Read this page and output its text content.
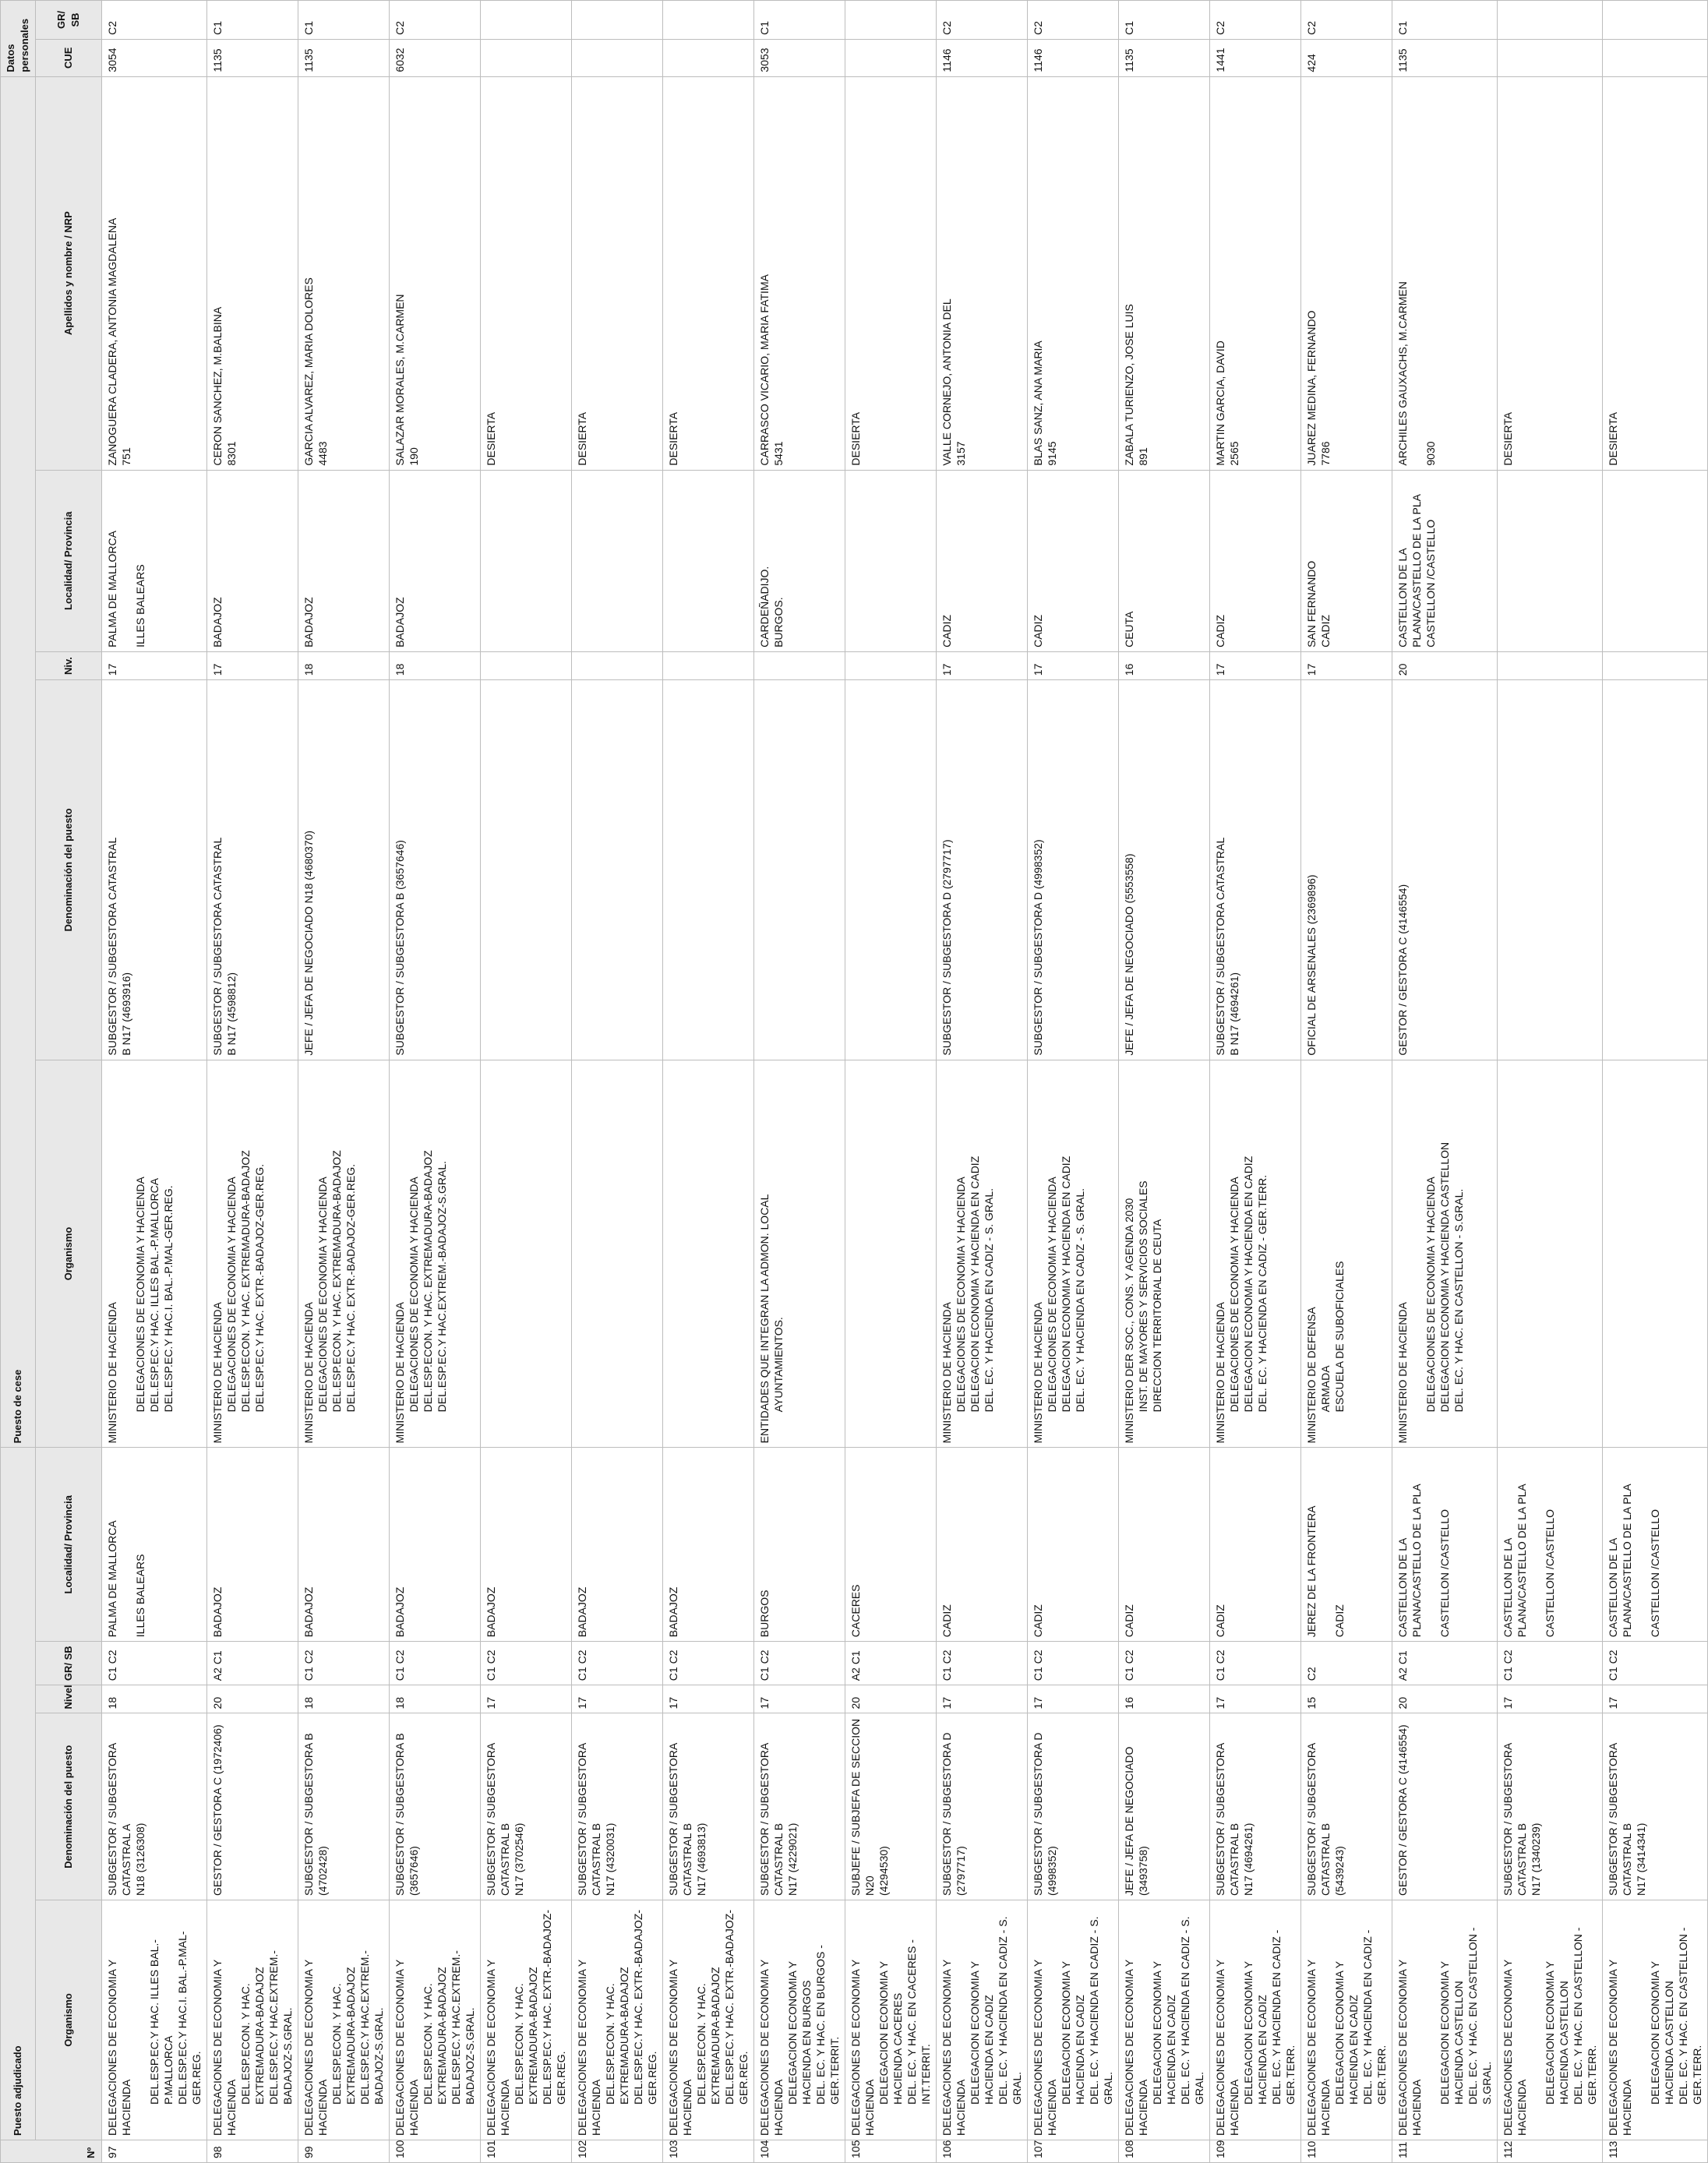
Nº	Puesto adjudicado					Puesto de cese					Datos personales	
	Organismo	Denominación del puesto	Nivel	GR/ SB	Localidad/ Provincia	Organismo	Denominación del puesto	Niv.	Localidad/ Provincia	Apellidos y nombre / NRP	CUE	GR/ SB
97	DELEGACIONES DE ECONOMIA Y HACIENDA
DEL.ESP.EC.Y HAC. ILLES BAL.-P.MALLORCA DEL.ESP.EC.Y HAC.I. BAL.-P.MAL-GER.REG.	SUBGESTOR / SUBGESTORA CATASTRAL A N18 (3126308)	18	C1 C2	PALMA DE MALLORCA ILLES BALEARS	MINISTERIO DE HACIENDA DELEGACIONES DE ECONOMIA Y HACIENDA DEL.ESP.EC.Y HAC. ILLES BAL.-P.MALLORCA DEL.ESP.EC.Y HAC.I. BAL.-P.MAL-GER.REG.	SUBGESTOR / SUBGESTORA CATASTRAL B N17 (4693916)	17	PALMA DE MALLORCA ILLES BALEARS	ZANOGUERA CLADERA, ANTONIA MAGDALENA 751	3054	C2
98	DELEGACIONES DE ECONOMIA Y HACIENDA
DEL.ESP.ECON. Y HAC. EXTREMADURA-BADAJOZ DEL.ESP.EC.Y HAC.EXTREM.-BADAJOZ-S.GRAL.	GESTOR / GESTORA C (1972406)	20	A2 C1	BADAJOZ	MINISTERIO DE HACIENDA DELEGACIONES DE ECONOMIA Y HACIENDA DEL.ESP.ECON. Y HAC. EXTREMADURA-BADAJOZ DEL.ESP.EC.Y HAC. EXTR.-BADAJOZ-GER.REG.	SUBGESTOR / SUBGESTORA CATASTRAL B N17 (4598812)	17	BADAJOZ	CERON SANCHEZ, M.BALBINA 8301	1135	C1
99	DELEGACIONES DE ECONOMIA Y HACIENDA
DEL.ESP.ECON. Y HAC. EXTREMADURA-BADAJOZ DEL.ESP.EC.Y HAC.EXTREM.-BADAJOZ-S.GRAL.	SUBGESTOR / SUBGESTORA B (4702428)	18	C1 C2	BADAJOZ	MINISTERIO DE HACIENDA DELEGACIONES DE ECONOMIA Y HACIENDA DEL.ESP.ECON. Y HAC. EXTREMADURA-BADAJOZ DEL.ESP.EC.Y HAC. EXTR.-BADAJOZ-GER.REG.	JEFE / JEFA DE NEGOCIADO N18 (4680370)	18	BADAJOZ	GARCIA ALVAREZ, MARIA DOLORES 4483	1135	C1
100	DELEGACIONES DE ECONOMIA Y HACIENDA
DEL.ESP.ECON. Y HAC. EXTREMADURA-BADAJOZ DEL.ESP.EC.Y HAC.EXTREM.-BADAJOZ-S.GRAL.	SUBGESTOR / SUBGESTORA B (3657646)	18	C1 C2	BADAJOZ	MINISTERIO DE HACIENDA DELEGACIONES DE ECONOMIA Y HACIENDA DEL.ESP.ECON. Y HAC. EXTREMADURA-BADAJOZ DEL.ESP.EC.Y HAC.EXTREM.-BADAJOZ-S.GRAL.	SUBGESTOR / SUBGESTORA B (3657646)	18	BADAJOZ	SALAZAR MORALES, M.CARMEN 190	6032	C2
101	DELEGACIONES DE ECONOMIA Y HACIENDA
DEL.ESP.ECON. Y HAC. EXTREMADURA-BADAJOZ DEL.ESP.EC.Y HAC. EXTR.-BADAJOZ-GER.REG.	SUBGESTOR / SUBGESTORA CATASTRAL B N17 (3702546)	17	C1 C2	BADAJOZ					DESIERTA		

102	DELEGACIONES DE ECONOMIA Y HACIENDA
DEL.ESP.ECON. Y HAC. EXTREMADURA-BADAJOZ DEL.ESP.EC.Y HAC. EXTR.-BADAJOZ-GER.REG.	SUBGESTOR / SUBGESTORA CATASTRAL B N17 (4320031)	17	C1 C2	BADAJOZ					DESIERTA		

103	DELEGACIONES DE ECONOMIA Y HACIENDA
DEL.ESP.ECON. Y HAC. EXTREMADURA-BADAJOZ DEL.ESP.EC.Y HAC. EXTR.-BADAJOZ-GER.REG.	SUBGESTOR / SUBGESTORA CATASTRAL B N17 (4693813)	17	C1 C2	BADAJOZ					DESIERTA		

104	DELEGACIONES DE ECONOMIA Y HACIENDA
DELEGACION ECONOMIA Y HACIENDA EN BURGOS DEL. EC. Y HAC. EN BURGOS - GER.TERRIT.	SUBGESTOR / SUBGESTORA CATASTRAL B N17 (4229021)	17	C1 C2	BURGOS	ENTIDADES QUE INTEGRAN LA ADMON. LOCAL AYUNTAMIENTOS.			CARDEÑADIJO. BURGOS.	CARRASCO VICARIO, MARIA FATIMA 5431	3053	C1
105	DELEGACIONES DE ECONOMIA Y HACIENDA
DELEGACION ECONOMIA Y HACIENDA CACERES DEL. EC. Y HAC. EN CACERES - INT.TERRIT.	SUBJEFE / SUBJEFA DE SECCION N20 (4294530)	20	A2 C1	CACERES					DESIERTA		

106	DELEGACIONES DE ECONOMIA Y HACIENDA
DELEGACION ECONOMIA Y HACIENDA EN CADIZ DEL. EC. Y HACIENDA EN CADIZ - S. GRAL.	SUBGESTOR / SUBGESTORA D (2797717)	17	C1 C2	CADIZ	MINISTERIO DE HACIENDA DELEGACIONES DE ECONOMIA Y HACIENDA DELEGACION ECONOMIA Y HACIENDA EN CADIZ DEL. EC. Y HACIENDA EN CADIZ - S. GRAL.	SUBGESTOR / SUBGESTORA D (2797717)	17	CADIZ	VALLE CORNEJO, ANTONIA DEL 3157	1146	C2
107	DELEGACIONES DE ECONOMIA Y HACIENDA
DELEGACION ECONOMIA Y HACIENDA EN CADIZ DEL. EC. Y HACIENDA EN CADIZ - S. GRAL.	SUBGESTOR / SUBGESTORA D (4998352)	17	C1 C2	CADIZ	MINISTERIO DE HACIENDA DELEGACIONES DE ECONOMIA Y HACIENDA DELEGACION ECONOMIA Y HACIENDA EN CADIZ DEL. EC. Y HACIENDA EN CADIZ - S. GRAL.	SUBGESTOR / SUBGESTORA D (4998352)	17	CADIZ	BLAS SANZ, ANA MARIA 9145	1146	C2
108	DELEGACIONES DE ECONOMIA Y HACIENDA
DELEGACION ECONOMIA Y HACIENDA EN CADIZ DEL. EC. Y HACIENDA EN CADIZ - S. GRAL.	JEFE / JEFA DE NEGOCIADO (3493758)	16	C1 C2	CADIZ	MINISTERIO DER SOC., CONS. Y AGENDA 2030 INST. DE MAYORES Y SERVICIOS SOCIALES DIRECCION TERRITORIAL DE CEUTA	JEFE / JEFA DE NEGOCIADO (5553558)	16	CEUTA	ZABALA TURIENZO, JOSE LUIS 891	1135	C1
109	DELEGACIONES DE ECONOMIA Y HACIENDA
DELEGACION ECONOMIA Y HACIENDA EN CADIZ DEL. EC. Y HACIENDA EN CADIZ - GER.TERR.	SUBGESTOR / SUBGESTORA CATASTRAL B N17 (4694261)	17	C1 C2	CADIZ	MINISTERIO DE HACIENDA DELEGACIONES DE ECONOMIA Y HACIENDA DELEGACION ECONOMIA Y HACIENDA EN CADIZ DEL. EC. Y HACIENDA EN CADIZ - GER.TERR.	SUBGESTOR / SUBGESTORA CATASTRAL B N17 (4694261)	17	CADIZ	MARTIN GARCIA, DAVID 2565	1441	C2
110	DELEGACIONES DE ECONOMIA Y HACIENDA
DELEGACION ECONOMIA Y HACIENDA EN CADIZ DEL. EC. Y HACIENDA EN CADIZ - GER.TERR.	SUBGESTOR / SUBGESTORA CATASTRAL B (5439243)	15	C2	JEREZ DE LA FRONTERA CADIZ	MINISTERIO DE DEFENSA ARMADA ESCUELA DE SUBOFICIALES	OFICIAL DE ARSENALES (2369896)	17	SAN FERNANDO CADIZ	JUAREZ MEDINA, FERNANDO 7786	424	C2
111	DELEGACIONES DE ECONOMIA Y HACIENDA
DELEGACION ECONOMIA Y HACIENDA CASTELLON DEL. EC. Y HAC. EN CASTELLON - S.GRAL.	GESTOR / GESTORA C (4146554)	20	A2 C1	CASTELLON DE LA PLANA/CASTELLO DE LA PLA CASTELLON /CASTELLO	MINISTERIO DE HACIENDA DELEGACIONES DE ECONOMIA Y HACIENDA DELEGACION ECONOMIA Y HACIENDA CASTELLON DEL. EC. Y HAC. EN CASTELLON - S.GRAL.	GESTOR / GESTORA C (4146554)	20	CASTELLON DE LA PLANA/CASTELLO DE LA PLA CASTELLON /CASTELLO	ARCHILES GAUXACHS, M.CARMEN 9030	1135	C1
112	DELEGACIONES DE ECONOMIA Y HACIENDA
DELEGACION ECONOMIA Y HACIENDA CASTELLON DEL. EC. Y HAC. EN CASTELLON - GER.TERR.	SUBGESTOR / SUBGESTORA CATASTRAL B N17 (1340239)	17	C1 C2	CASTELLON DE LA PLANA/CASTELLO DE LA PLA CASTELLON /CASTELLO					DESIERTA		

113	DELEGACIONES DE ECONOMIA Y HACIENDA
DELEGACION ECONOMIA Y HACIENDA CASTELLON DEL. EC. Y HAC. EN CASTELLON - GER.TERR.	SUBGESTOR / SUBGESTORA CATASTRAL B N17 (3414341)	17	C1 C2	CASTELLON DE LA PLANA/CASTELLO DE LA PLA CASTELLON /CASTELLO					DESIERTA		
